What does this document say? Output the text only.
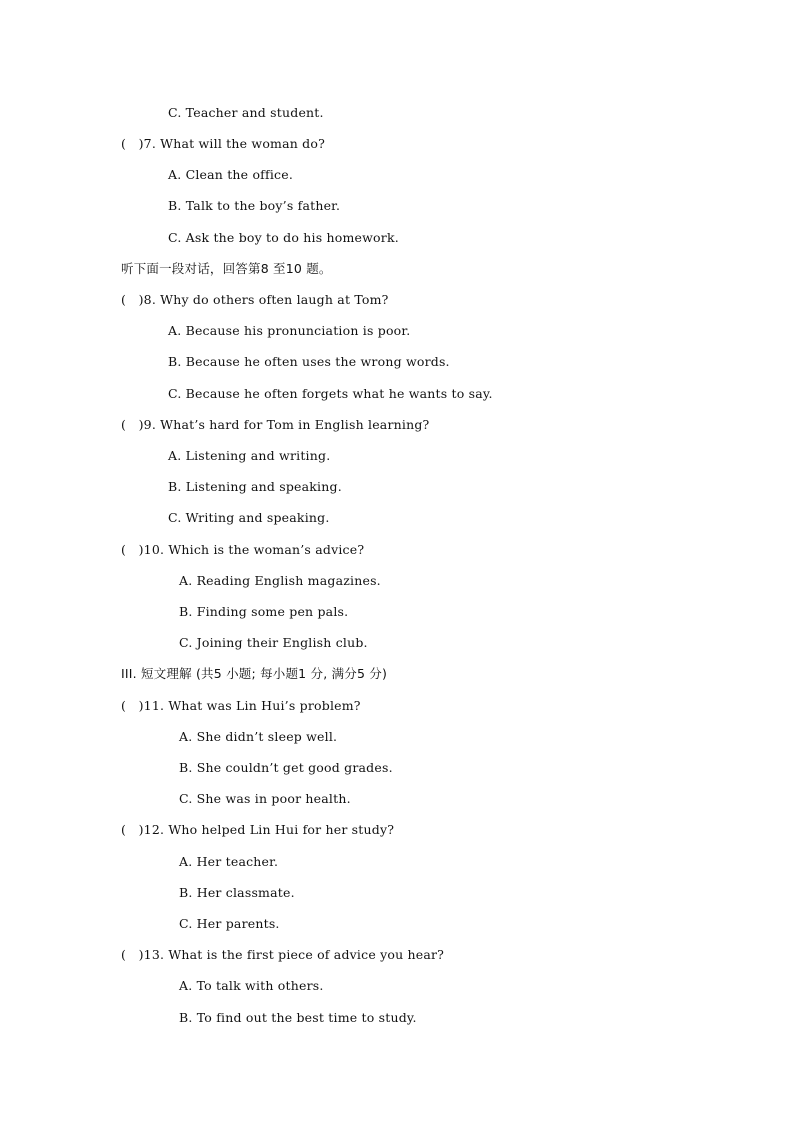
C. Teacher and student.
(   )7. What will the woman do?
A. Clean the office.
B. Talk to the boy’s father.
C. Ask the boy to do his homework.
听下面一段对话，回答第8 至10 题。
(   )8. Why do others often laugh at Tom?
A. Because his pronunciation is poor.
B. Because he often uses the wrong words.
C. Because he often forgets what he wants to say.
(   )9. What’s hard for Tom in English learning?
A. Listening and writing.
B. Listening and speaking.
C. Writing and speaking.
(   )10. Which is the woman’s advice?
A. Reading English magazines.
B. Finding some pen pals.
C. Joining their English club.
III. 短文理解 (共5 小题; 每小题1 分, 满分5 分)
(   )11. What was Lin Hui’s problem?
A. She didn’t sleep well.
B. She couldn’t get good grades.
C. She was in poor health.
(   )12. Who helped Lin Hui for her study?
A. Her teacher.
B. Her classmate.
C. Her parents.
(   )13. What is the first piece of advice you hear?
A. To talk with others.
B. To find out the best time to study.
